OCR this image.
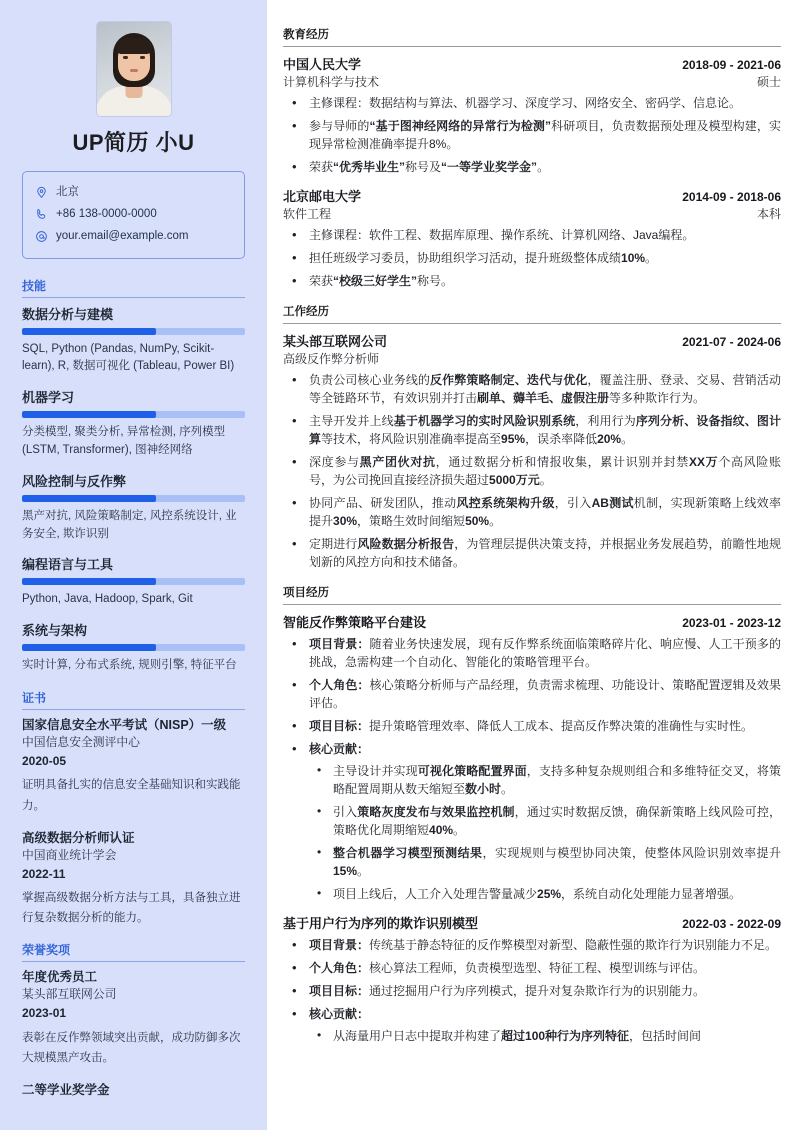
UP简历 小U
北京
+86 138-0000-0000
your.email@example.com
技能
数据分析与建模
SQL, Python (Pandas, NumPy, Scikit-learn), R, 数据可视化 (Tableau, Power BI)
机器学习
分类模型, 聚类分析, 异常检测, 序列模型 (LSTM, Transformer), 图神经网络
风险控制与反作弊
黑产对抗, 风险策略制定, 风控系统设计, 业务安全, 欺诈识别
编程语言与工具
Python, Java, Hadoop, Spark, Git
系统与架构
实时计算, 分布式系统, 规则引擎, 特征平台
证书
国家信息安全水平考试（NISP）一级
中国信息安全测评中心
2020-05
证明具备扎实的信息安全基础知识和实践能力。
高级数据分析师认证
中国商业统计学会
2022-11
掌握高级数据分析方法与工具，具备独立进行复杂数据分析的能力。
荣誉奖项
年度优秀员工
某头部互联网公司
2023-01
表彰在反作弊领域突出贡献，成功防御多次大规模黑产攻击。
二等学业奖学金
教育经历
中国人民大学	2018-09 - 2021-06
计算机科学与技术	硕士
• 主修课程：数据结构与算法、机器学习、深度学习、网络安全、密码学、信息论。
• 参与导师的“基于图神经网络的异常行为检测”科研项目，负责数据预处理及模型构建，实现异常检测准确率提升8%。
• 荣获“优秀毕业生”称号及“一等学业奖学金”。
北京邮电大学	2014-09 - 2018-06
软件工程	本科
• 主修课程：软件工程、数据库原理、操作系统、计算机网络、Java编程。
• 担任班级学习委员，协助组织学习活动，提升班级整体成绩10%。
• 荣获“校级三好学生”称号。
工作经历
某头部互联网公司	2021-07 - 2024-06
高级反作弊分析师
• 负责公司核心业务线的反作弊策略制定、迭代与优化，覆盖注册、登录、交易、营销活动等全链路环节，有效识别并打击刷单、薅羊毛、虚假注册等多种欺诈行为。
• 主导开发并上线基于机器学习的实时风险识别系统，利用行为序列分析、设备指纹、图计算等技术，将风险识别准确率提高至95%，误杀率降低20%。
• 深度参与黑产团伙对抗，通过数据分析和情报收集，累计识别并封禁XX万个高风险账号，为公司挽回直接经济损失超过5000万元。
• 协同产品、研发团队，推动风控系统架构升级，引入AB测试机制，实现新策略上线效率提升30%，策略生效时间缩短50%。
• 定期进行风险数据分析报告，为管理层提供决策支持，并根据业务发展趋势，前瞻性地规划新的风控方向和技术储备。
项目经历
智能反作弊策略平台建设	2023-01 - 2023-12
• 项目背景：随着业务快速发展，现有反作弊系统面临策略碎片化、响应慢、人工干预多的挑战，急需构建一个自动化、智能化的策略管理平台。
• 个人角色：核心策略分析师与产品经理，负责需求梳理、功能设计、策略配置逻辑及效果评估。
• 项目目标：提升策略管理效率、降低人工成本、提高反作弊决策的准确性与实时性。
• 核心贡献：
• 主导设计并实现可视化策略配置界面，支持多种复杂规则组合和多维特征交叉，将策略配置周期从数天缩短至数小时。
• 引入策略灰度发布与效果监控机制，通过实时数据反馈，确保新策略上线风险可控，策略优化周期缩短40%。
• 整合机器学习模型预测结果，实现规则与模型协同决策，使整体风险识别效率提升15%。
• 项目上线后，人工介入处理告警量减少25%，系统自动化处理能力显著增强。
基于用户行为序列的欺诈识别模型	2022-03 - 2022-09
• 项目背景：传统基于静态特征的反作弊模型对新型、隐蔽性强的欺诈行为识别能力不足。
• 个人角色：核心算法工程师，负责模型选型、特征工程、模型训练与评估。
• 项目目标：通过挖掘用户行为序列模式，提升对复杂欺诈行为的识别能力。
• 核心贡献：
• 从海量用户日志中提取并构建了超过100种行为序列特征，包括时间间
